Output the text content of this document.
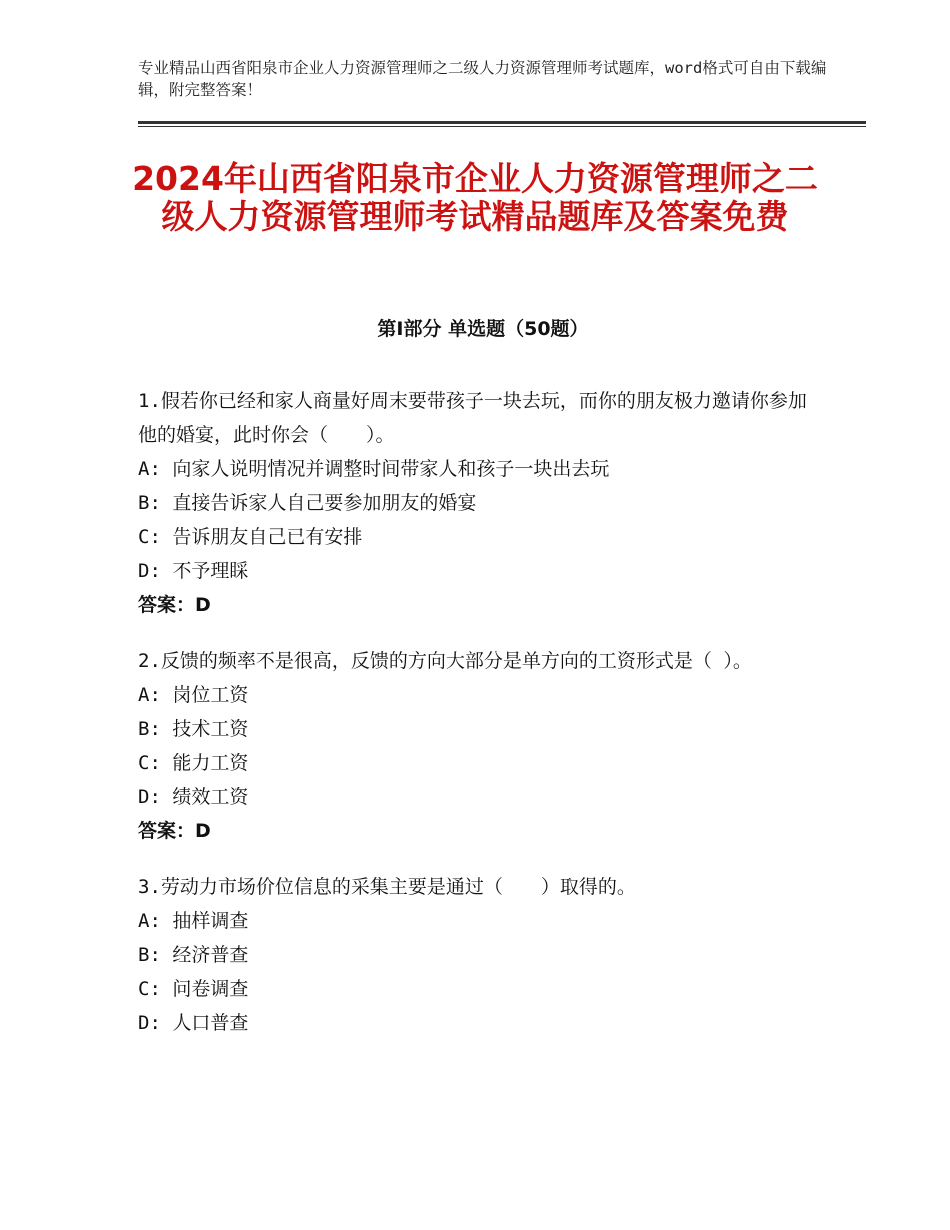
专业精品山西省阳泉市企业人力资源管理师之二级人力资源管理师考试题库，word格式可自由下载编辑，附完整答案！
2024年山西省阳泉市企业人力资源管理师之二级人力资源管理师考试精品题库及答案免费
第Ⅰ部分 单选题（50题）
1.假若你已经和家人商量好周末要带孩子一块去玩，而你的朋友极力邀请你参加他的婚宴，此时你会（　　）。
A: 向家人说明情况并调整时间带家人和孩子一块出去玩
B: 直接告诉家人自己要参加朋友的婚宴
C: 告诉朋友自己已有安排
D: 不予理睬
答案：D
2.反馈的频率不是很高，反馈的方向大部分是单方向的工资形式是（ ）。
A: 岗位工资
B: 技术工资
C: 能力工资
D: 绩效工资
答案：D
3.劳动力市场价位信息的采集主要是通过（　　）取得的。
A: 抽样调查
B: 经济普查
C: 问卷调查
D: 人口普查
